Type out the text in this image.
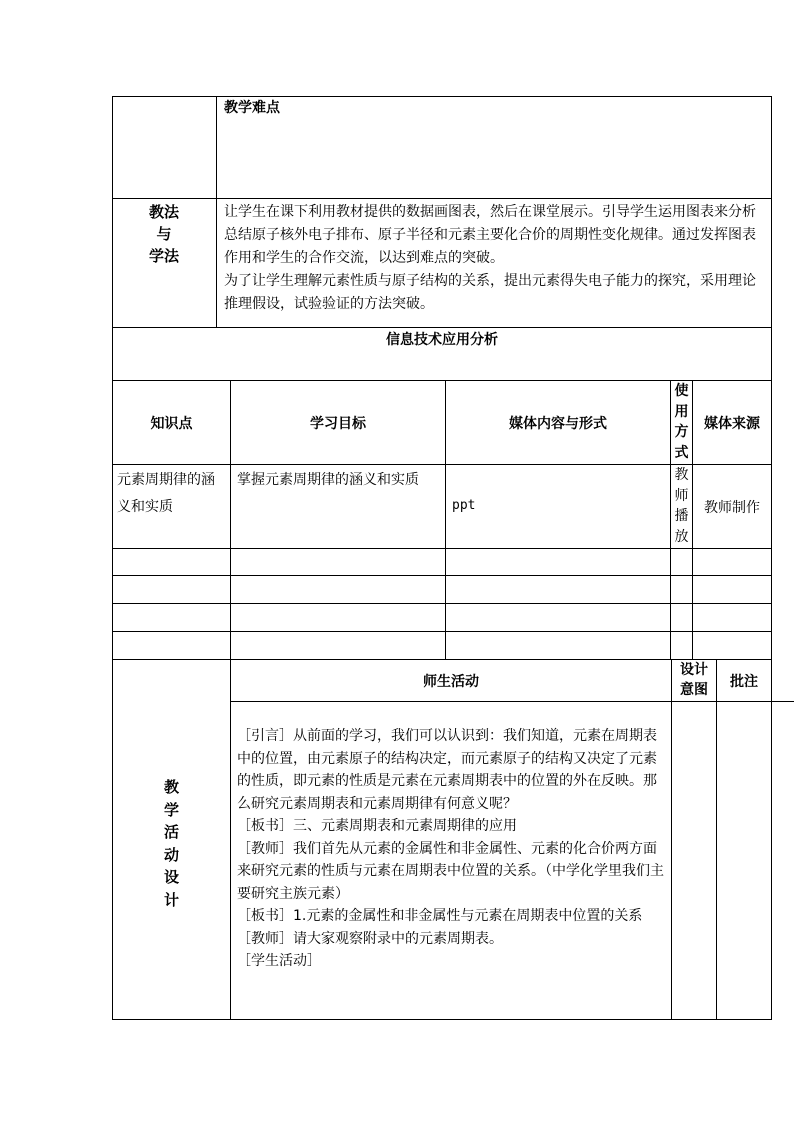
教学难点
教法
与
学法
让学生在课下利用教材提供的数据画图表，然后在课堂展示。引导学生运用图表来分析总结原子核外电子排布、原子半径和元素主要化合价的周期性变化规律。通过发挥图表作用和学生的合作交流，以达到难点的突破。
为了让学生理解元素性质与原子结构的关系，提出元素得失电子能力的探究，采用理论推理假设，试验验证的方法突破。
信息技术应用分析
知识点	学习目标	媒体内容与形式
使
用
方
式
媒体来源
元素周期律的涵义和实质
掌握元素周期律的涵义和实质
ppt
教
师
播
放
教师制作
教
学
活
动
设
计
师生活动
设计
意图
批注
［引言］从前面的学习，我们可以认识到：我们知道，元素在周期表中的位置，由元素原子的结构决定，而元素原子的结构又决定了元素的性质，即元素的性质是元素在元素周期表中的位置的外在反映。那么研究元素周期表和元素周期律有何意义呢？
［板书］三、元素周期表和元素周期律的应用
［教师］我们首先从元素的金属性和非金属性、元素的化合价两方面来研究元素的性质与元素在周期表中位置的关系。（中学化学里我们主要研究主族元素）
［板书］1.元素的金属性和非金属性与元素在周期表中位置的关系
［教师］请大家观察附录中的元素周期表。
［学生活动］
